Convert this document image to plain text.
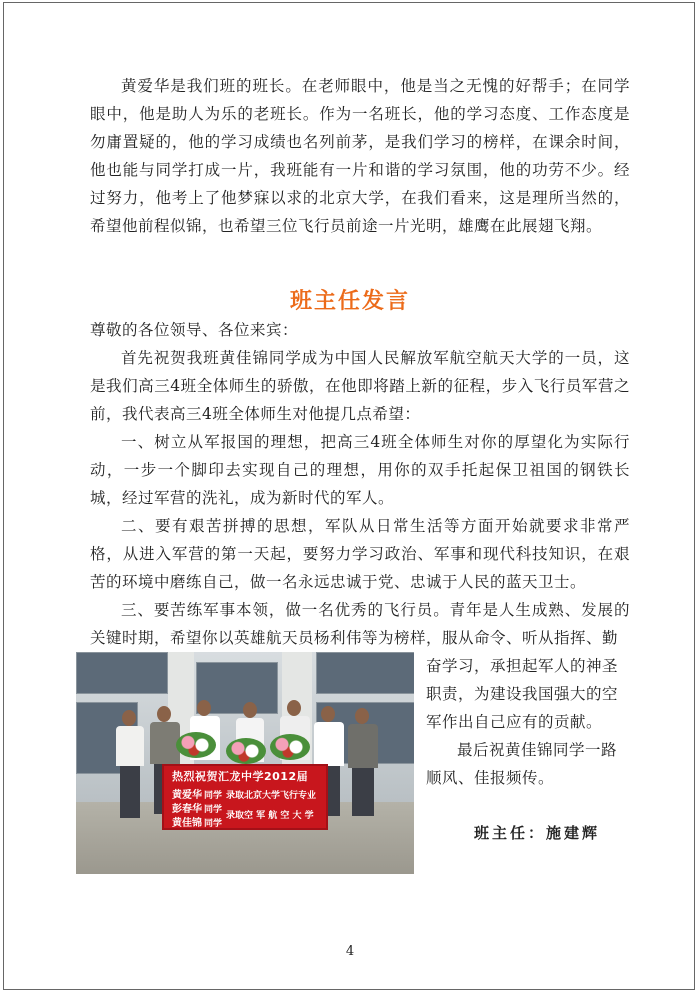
黄爱华是我们班的班长。在老师眼中，他是当之无愧的好帮手；在同学眼中，他是助人为乐的老班长。作为一名班长，他的学习态度、工作态度是勿庸置疑的，他的学习成绩也名列前茅，是我们学习的榜样，在课余时间，他也能与同学打成一片，我班能有一片和谐的学习氛围，他的功劳不少。经过努力，他考上了他梦寐以求的北京大学，在我们看来，这是理所当然的，希望他前程似锦，也希望三位飞行员前途一片光明，雄鹰在此展翅飞翔。
班主任发言
尊敬的各位领导、各位来宾：
首先祝贺我班黄佳锦同学成为中国人民解放军航空航天大学的一员，这是我们高三4班全体师生的骄傲，在他即将踏上新的征程，步入飞行员军营之前，我代表高三4班全体师生对他提几点希望：
一、树立从军报国的理想，把高三4班全体师生对你的厚望化为实际行动，一步一个脚印去实现自己的理想，用你的双手托起保卫祖国的钢铁长城，经过军营的洗礼，成为新时代的军人。
二、要有艰苦拼搏的思想，军队从日常生活等方面开始就要求非常严格，从进入军营的第一天起，要努力学习政治、军事和现代科技知识，在艰苦的环境中磨练自己，做一名永远忠诚于党、忠诚于人民的蓝天卫士。
三、要苦练军事本领，做一名优秀的飞行员。青年是人生成熟、发展的关键时期，希望你以英雄航天员杨利伟等为榜样，服从命令、听从指挥、勤
奋学习，承担起军人的神圣职责，为建设我国强大的空军作出自己应有的贡献。
最后祝黄佳锦同学一路顺风、佳报频传。
班主任：施建辉
热烈祝贺汇龙中学2012届
黄爱华 同学 录取北京大学飞行专业
彭春华 同学
录取空 军 航 空 大 学
黄佳锦 同学
4
